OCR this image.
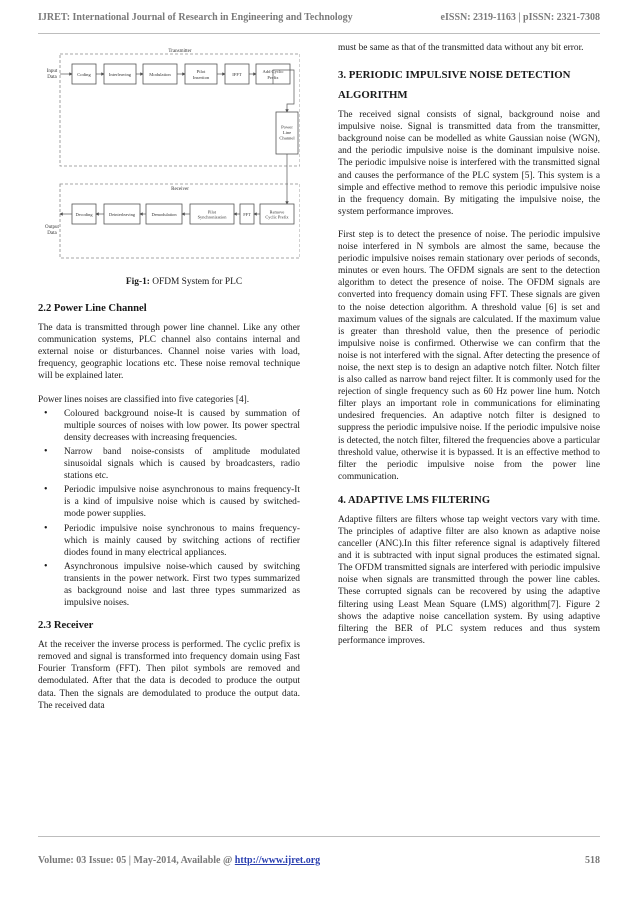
IJRET: International Journal of Research in Engineering and Technology	eISSN: 2319-1163 | pISSN: 2321-7308
Transmitter
Receiver
Input Data
Output Data
Coding	Interleaving	Modulation
Pilot Insertion
IFFT
Add Cyclic Prefix
Power Line Channel
Decoding	Deinterleaving	Demodulation
Pilot Synchronization
FFT
Remove Cyclic Prefix
Fig-1: OFDM System for PLC
2.2 Power Line Channel

The data is transmitted through power line channel. Like any other communication systems, PLC channel also contains internal and external noise or disturbances. Channel noise varies with load, frequency, geographic locations etc. These noise removal technique will be explained later.

Power lines noises are classified into five categories [4].

• Coloured background noise-It is caused by summation of multiple sources of noises with low power. Its power spectral density decreases with increasing frequencies.
• Narrow band noise-consists of amplitude modulated sinusoidal signals which is caused by broadcasters, radio stations etc.
• Periodic impulsive noise asynchronous to mains frequency-It is a kind of impulsive noise which is caused by switched-mode power supplies.
• Periodic impulsive noise synchronous to mains frequency-which is mainly caused by switching actions of rectifier diodes found in many electrical appliances.
• Asynchronous impulsive noise-which caused by switching transients in the power network. First two types summarized as background noise and last three types summarized as impulsive noises.
2.3 Receiver

At the receiver the inverse process is performed. The cyclic prefix is removed and signal is transformed into frequency domain using Fast Fourier Transform (FFT). Then pilot symbols are removed and demodulated. After that the data is decoded to produce the output data. Then the signals are demodulated to produce the output data. The received data

must be same as that of the transmitted data without any bit error.

3. PERIODIC IMPULSIVE NOISE DETECTION ALGORITHM

The received signal consists of signal, background noise and impulsive noise. Signal is transmitted data from the transmitter, background noise can be modelled as white Gaussian noise (WGN), and the periodic impulsive noise is the dominant impulsive noise. The periodic impulsive noise is interfered with the transmitted signal and causes the performance of the PLC system [5]. This system is a simple and effective method to remove this periodic impulsive noise in the frequency domain. By mitigating the impulsive noise, the system performance improves.

First step is to detect the presence of noise. The periodic impulsive noise interfered in N symbols are almost the same, because the periodic impulsive noises remain stationary over periods of seconds, minutes or even hours. The OFDM signals are sent to the detection algorithm to detect the presence of noise. The OFDM signals are converted into frequency domain using FFT. These signals are given to the noise detection algorithm. A threshold value [6] is set and maximum values of the signals are calculated. If the maximum value is greater than threshold value, then the presence of periodic impulsive noise is confirmed. Otherwise we can confirm that the noise is not interfered with the signal. After detecting the presence of noise, the next step is to design an adaptive notch filter. Notch filter is also called as narrow band reject filter. It is commonly used for the rejection of single frequency such as 60 Hz power line hum. Notch filter plays an important role in communications for eliminating undesired frequencies. An adaptive notch filter is designed to suppress the periodic impulsive noise. If the periodic impulsive noise is detected, the notch filter, filtered the frequencies above a particular threshold value, otherwise it is bypassed. It is an effective method to filter the periodic impulsive noise from the power line communication.

4. ADAPTIVE LMS FILTERING

Adaptive filters are filters whose tap weight vectors vary with time. The principles of adaptive filter are also known as adaptive noise canceller (ANC).In this filter reference signal is adaptively filtered and it is subtracted with input signal produces the estimated signal. The OFDM transmitted signals are interfered with periodic impulsive noise when signals are transmitted through the power line cables. These corrupted signals can be recovered by using the adaptive filtering using Least Mean Square (LMS) algorithm[7]. Figure 2 shows the adaptive noise cancellation system. By using adaptive filtering the BER of PLC system reduces and thus system performance improves.

Volume: 03 Issue: 05 | May-2014, Available @ http://www.ijret.org	518
